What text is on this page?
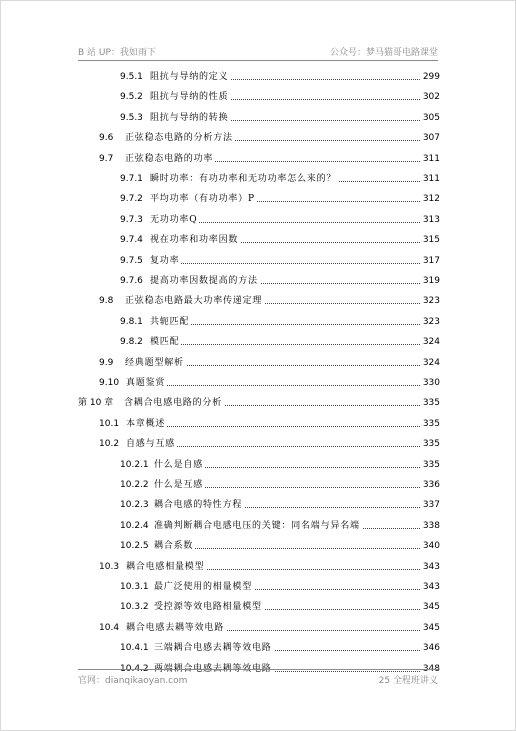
B 站 UP：我如雨下	公众号：梦马猫哥电路课堂
9.5.1 阻抗与导纳的定义	299
9.5.2 阻抗与导纳的性质	302
9.5.3 阻抗与导纳的转换	305
9.6 正弦稳态电路的分析方法	307
9.7 正弦稳态电路的功率	311
9.7.1 瞬时功率：有功功率和无功功率怎么来的？	311
9.7.2 平均功率（有功功率）P	312
9.7.3 无功功率Q	313
9.7.4 视在功率和功率因数	315
9.7.5 复功率	317
9.7.6 提高功率因数提高的方法	319
9.8 正弦稳态电路最大功率传递定理	323
9.8.1 共轭匹配	323
9.8.2 模匹配	324
9.9 经典题型解析	324
9.10 真题鉴赏	330
第 10 章 含耦合电感电路的分析	335
10.1 本章概述	335
10.2 自感与互感	335
10.2.1 什么是自感	335
10.2.2 什么是互感	336
10.2.3 耦合电感的特性方程	337
10.2.4 准确判断耦合电感电压的关键：同名端与异名端	338
10.2.5 耦合系数	340
10.3 耦合电感相量模型	343
10.3.1 最广泛使用的相量模型	343
10.3.2 受控源等效电路相量模型	345
10.4 耦合电感去耦等效电路	345
10.4.1 三端耦合电感去耦等效电路	346
10.4.2 两端耦合电感去耦等效电路	348
官网：dianqikaoyan.com	25 全程班讲义
